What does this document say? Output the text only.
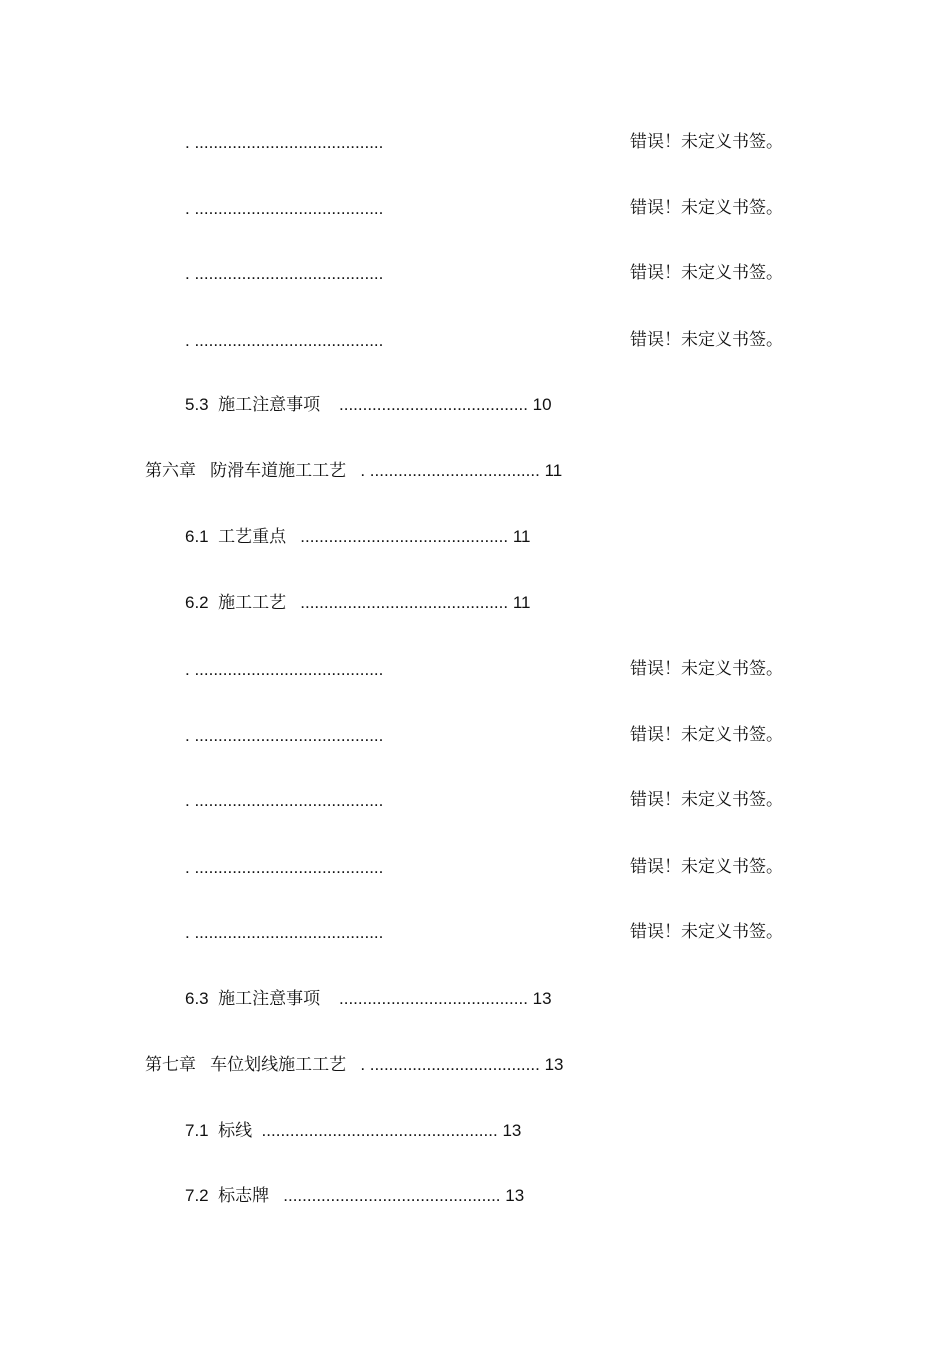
. ........................................	错误！未定义书签。
. ........................................	错误！未定义书签。
. ........................................	错误！未定义书签。
. ........................................	错误！未定义书签。
5.3 施工注意事项 ........................................ 10
第六章 防滑车道施工工艺 . .................................... 11
6.1 工艺重点 ............................................ 11
6.2 施工工艺 ............................................ 11
. ........................................	错误！未定义书签。
. ........................................	错误！未定义书签。
. ........................................	错误！未定义书签。
. ........................................	错误！未定义书签。
. ........................................	错误！未定义书签。
6.3 施工注意事项 ........................................ 13
第七章 车位划线施工工艺 . .................................... 13
7.1 标线 .................................................. 13
7.2 标志牌 .............................................. 13
